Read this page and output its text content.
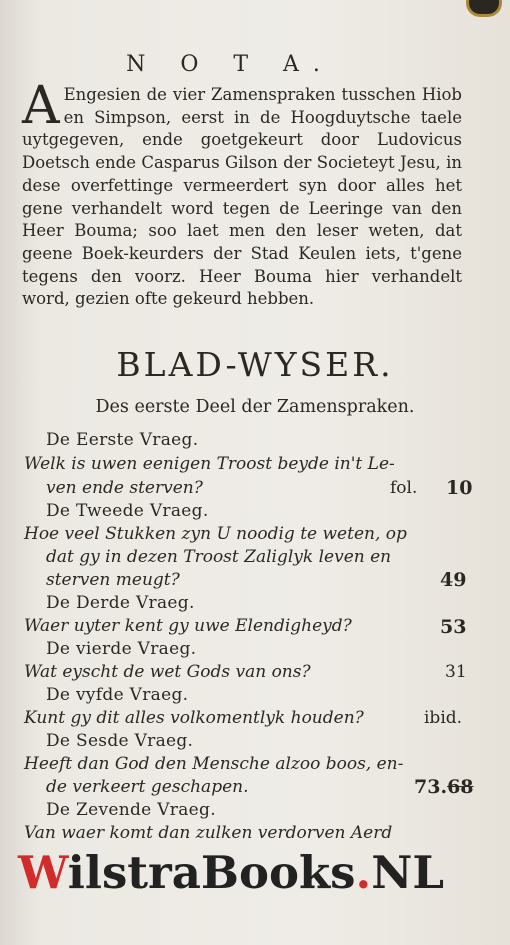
N O T A.
A Engesien de vier Zamenspraken tusschen Hiob en Simpson, eerst in de Hoogduytsche taele uytgegeven, ende goetgekeurt door Ludovicus Doetsch ende Casparus Gilson der Societeyt Jesu, in dese overfettinge vermeerdert syn door alles het gene verhandelt word tegen de Leeringe van den Heer Bouma; soo laet men den leser weten, dat geene Boek-keurders der Stad Keulen iets, t'gene tegens den voorz. Heer Bouma hier verhandelt word, gezien ofte gekeurd hebben.
BLAD-WYSER.
Des eerste Deel der Zamenspraken.
De Eerste Vraeg.
Welk is uwen eenigen Troost beyde in't Le-
ven ende sterven?	fol. 10
De Tweede Vraeg.
Hoe veel Stukken zyn U noodig te weten, op
dat gy in dezen Troost Zaliglyk leven en
sterven meugt?	49
De Derde Vraeg.
Waer uyter kent gy uwe Elendigheyd?	53
De vierde Vraeg.
Wat eyscht de wet Gods van ons?	31
De vyfde Vraeg.
Kunt gy dit alles volkomentlyk houden?	ibid.
De Sesde Vraeg.
Heeft dan God den Mensche alzoo boos, en-
de verkeert geschapen.	73.68
De Zevende Vraeg.
Van waer komt dan zulken verdorven Aerd
WilstraBooks.NL
